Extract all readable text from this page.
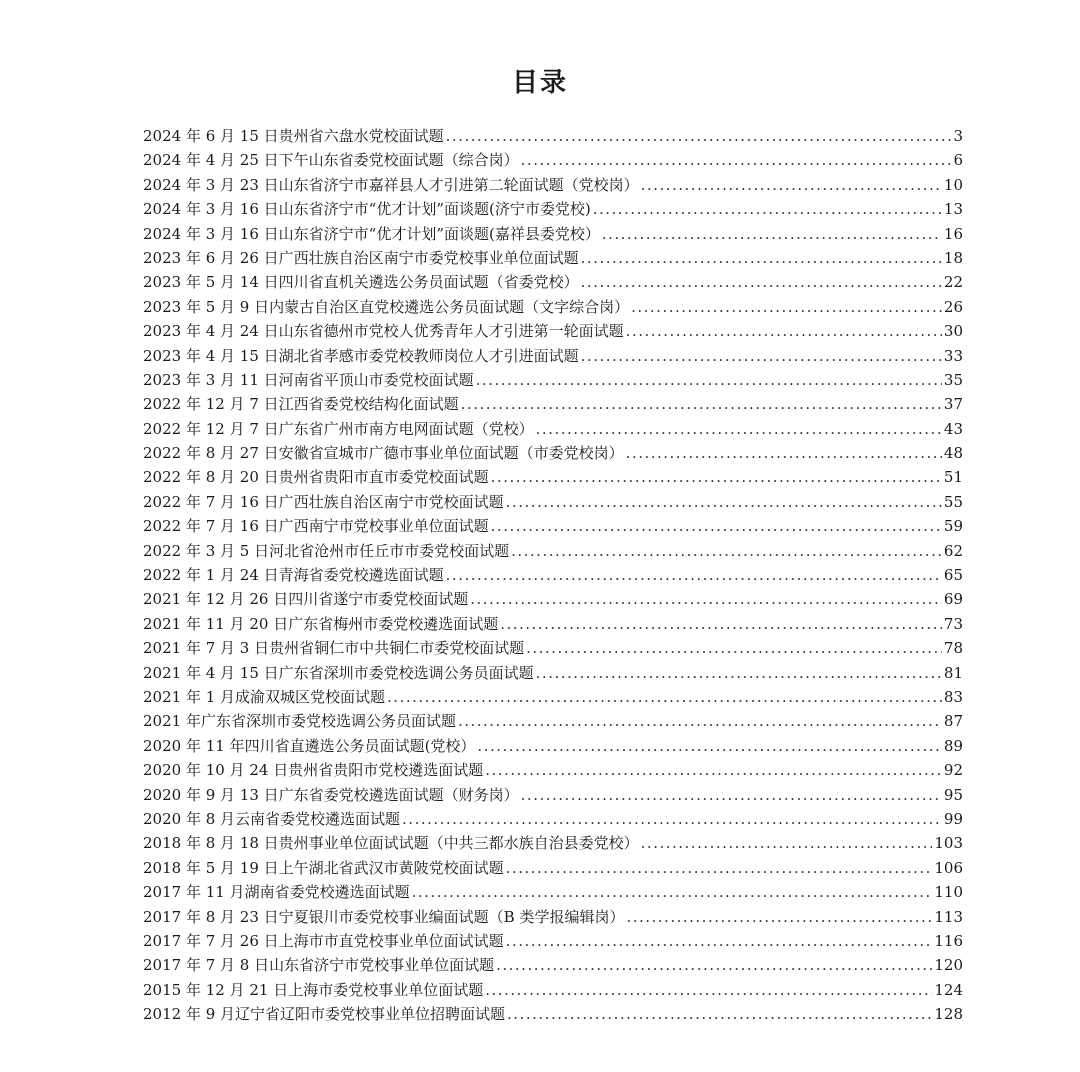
目录
2024 年 6 月 15 日贵州省六盘水党校面试题 .....	3
2024 年 4 月 25 日下午山东省委党校面试题（综合岗） .....	6
2024 年 3 月 23 日山东省济宁市嘉祥县人才引进第二轮面试题（党校岗） .....	10
2024 年 3 月 16 日山东省济宁市“优才计划”面谈题(济宁市委党校) .....	13
2024 年 3 月 16 日山东省济宁市“优才计划”面谈题(嘉祥县委党校） .....	16
2023 年 6 月 26 日广西壮族自治区南宁市委党校事业单位面试题 .....	18
2023 年 5 月 14 日四川省直机关遴选公务员面试题（省委党校） .....	22
2023 年 5 月 9 日内蒙古自治区直党校遴选公务员面试题（文字综合岗） .....	26
2023 年 4 月 24 日山东省德州市党校人优秀青年人才引进第一轮面试题 .....	30
2023 年 4 月 15 日湖北省孝感市委党校教师岗位人才引进面试题 .....	33
2023 年 3 月 11 日河南省平顶山市委党校面试题 .....	35
2022 年 12 月 7 日江西省委党校结构化面试题 .....	37
2022 年 12 月 7 日广东省广州市南方电网面试题（党校） .....	43
2022 年 8 月 27 日安徽省宣城市广德市事业单位面试题（市委党校岗） .....	48
2022 年 8 月 20 日贵州省贵阳市直市委党校面试题 .....	51
2022 年 7 月 16 日广西壮族自治区南宁市党校面试题 .....	55
2022 年 7 月 16 日广西南宁市党校事业单位面试题 .....	59
2022 年 3 月 5 日河北省沧州市任丘市市委党校面试题 .....	62
2022 年 1 月 24 日青海省委党校遴选面试题 .....	65
2021 年 12 月 26 日四川省遂宁市委党校面试题 .....	69
2021 年 11 月 20 日广东省梅州市委党校遴选面试题 .....	73
2021 年 7 月 3 日贵州省铜仁市中共铜仁市委党校面试题 .....	78
2021 年 4 月 15 日广东省深圳市委党校选调公务员面试题 .....	81
2021 年 1 月成渝双城区党校面试题 .....	83
2021 年广东省深圳市委党校选调公务员面试题 .....	87
2020 年 11 年四川省直遴选公务员面试题(党校） .....	89
2020 年 10 月 24 日贵州省贵阳市党校遴选面试题 .....	92
2020 年 9 月 13 日广东省委党校遴选面试题（财务岗） .....	95
2020 年 8 月云南省委党校遴选面试题 .....	99
2018 年 8 月 18 日贵州事业单位面试试题（中共三都水族自治县委党校） .....	103
2018 年 5 月 19 日上午湖北省武汉市黄陂党校面试题 .....	106
2017 年 11 月湖南省委党校遴选面试题 .....	110
2017 年 8 月 23 日宁夏银川市委党校事业编面试题（B 类学报编辑岗） .....	113
2017 年 7 月 26 日上海市市直党校事业单位面试试题 .....	116
2017 年 7 月 8 日山东省济宁市党校事业单位面试题 .....	120
2015 年 12 月 21 日上海市委党校事业单位面试题 .....	124
2012 年 9 月辽宁省辽阳市委党校事业单位招聘面试题 .....	128
